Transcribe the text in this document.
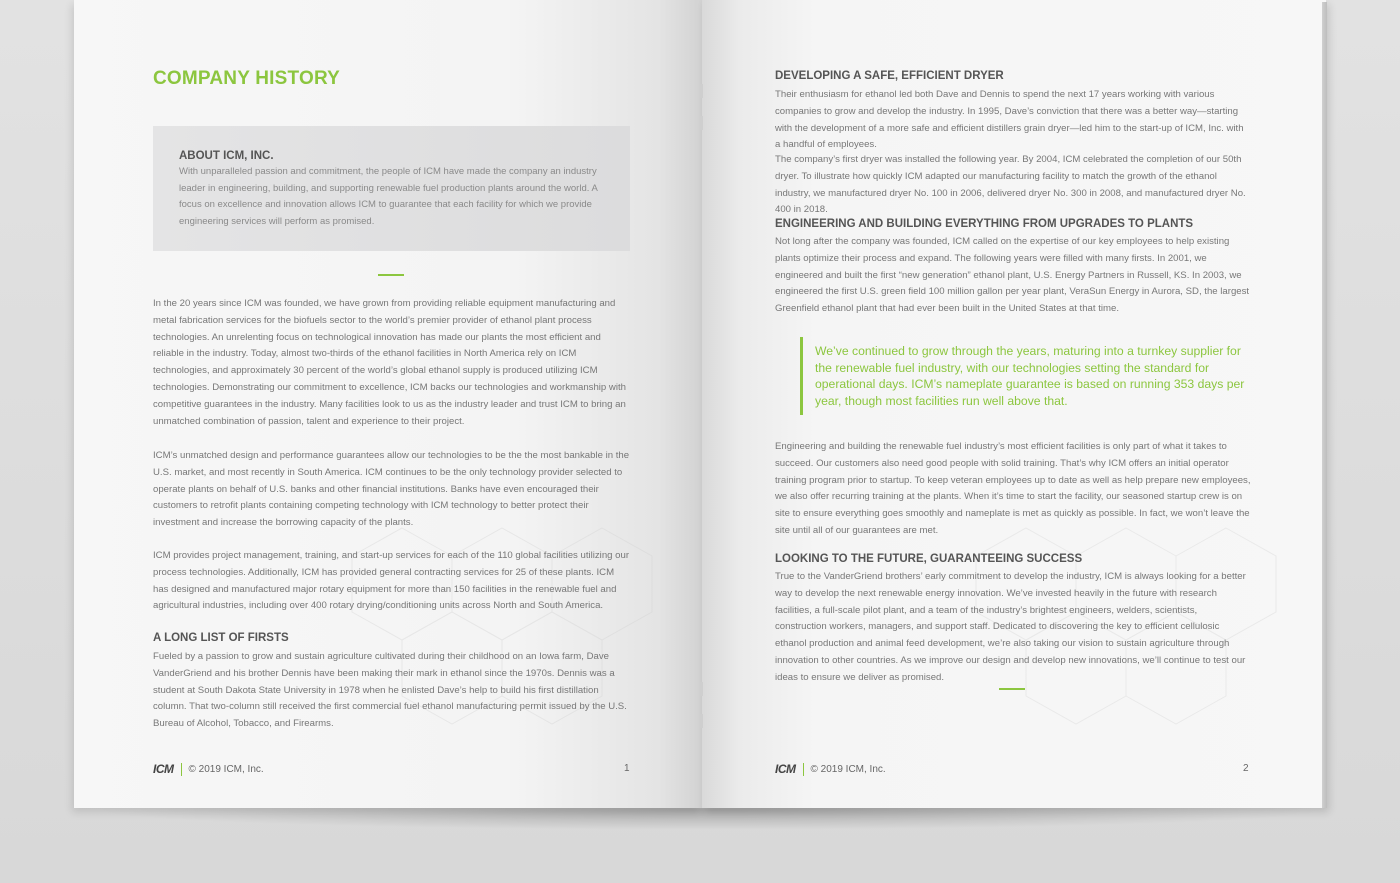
COMPANY HISTORY

ABOUT ICM, INC.

With unparalleled passion and commitment, the people of ICM have made the company an industry leader in engineering, building, and supporting renewable fuel production plants around the world. A focus on excellence and innovation allows ICM to guarantee that each facility for which we provide engineering services will perform as promised.

In the 20 years since ICM was founded, we have grown from providing reliable equipment manufacturing and metal fabrication services for the biofuels sector to the world’s premier provider of ethanol plant process technologies. An unrelenting focus on technological innovation has made our plants the most efficient and reliable in the industry. Today, almost two-thirds of the ethanol facilities in North America rely on ICM technologies, and approximately 30 percent of the world’s global ethanol supply is produced utilizing ICM technologies. Demonstrating our commitment to excellence, ICM backs our technologies and workmanship with competitive guarantees in the industry. Many facilities look to us as the industry leader and trust ICM to bring an unmatched combination of passion, talent and experience to their project.

ICM’s unmatched design and performance guarantees allow our technologies to be the the most bankable in the U.S. market, and most recently in South America. ICM continues to be the only technology provider selected to operate plants on behalf of U.S. banks and other financial institutions. Banks have even encouraged their customers to retrofit plants containing competing technology with ICM technology to better protect their investment and increase the borrowing capacity of the plants.

ICM provides project management, training, and start-up services for each of the 110 global facilities utilizing our process technologies. Additionally, ICM has provided general contracting services for 25 of these plants. ICM has designed and manufactured major rotary equipment for more than 150 facilities in the renewable fuel and agricultural industries, including over 400 rotary drying/conditioning units across North and South America.

A LONG LIST OF FIRSTS

Fueled by a passion to grow and sustain agriculture cultivated during their childhood on an Iowa farm, Dave VanderGriend and his brother Dennis have been making their mark in ethanol since the 1970s. Dennis was a student at South Dakota State University in 1978 when he enlisted Dave’s help to build his first distillation column. That two-column still received the first commercial fuel ethanol manufacturing permit issued by the U.S. Bureau of Alcohol, Tobacco, and Firearms.

ICM © 2019 ICM, Inc.	1

DEVELOPING A SAFE, EFFICIENT DRYER

Their enthusiasm for ethanol led both Dave and Dennis to spend the next 17 years working with various companies to grow and develop the industry. In 1995, Dave’s conviction that there was a better way—starting with the development of a more safe and efficient distillers grain dryer—led him to the start-up of ICM, Inc. with a handful of employees.

The company’s first dryer was installed the following year. By 2004, ICM celebrated the completion of our 50th dryer. To illustrate how quickly ICM adapted our manufacturing facility to match the growth of the ethanol industry, we manufactured dryer No. 100 in 2006, delivered dryer No. 300 in 2008, and manufactured dryer No. 400 in 2018.

ENGINEERING AND BUILDING EVERYTHING FROM UPGRADES TO PLANTS

Not long after the company was founded, ICM called on the expertise of our key employees to help existing plants optimize their process and expand. The following years were filled with many firsts. In 2001, we engineered and built the first “new generation” ethanol plant, U.S. Energy Partners in Russell, KS. In 2003, we engineered the first U.S. green field 100 million gallon per year plant, VeraSun Energy in Aurora, SD, the largest Greenfield ethanol plant that had ever been built in the United States at that time.

We’ve continued to grow through the years, maturing into a turnkey supplier for the renewable fuel industry, with our technologies setting the standard for operational days. ICM’s nameplate guarantee is based on running 353 days per year, though most facilities run well above that.

Engineering and building the renewable fuel industry’s most efficient facilities is only part of what it takes to succeed. Our customers also need good people with solid training. That’s why ICM offers an initial operator training program prior to startup. To keep veteran employees up to date as well as help prepare new employees, we also offer recurring training at the plants. When it’s time to start the facility, our seasoned startup crew is on site to ensure everything goes smoothly and nameplate is met as quickly as possible. In fact, we won’t leave the site until all of our guarantees are met.

LOOKING TO THE FUTURE, GUARANTEEING SUCCESS

True to the VanderGriend brothers’ early commitment to develop the industry, ICM is always looking for a better way to develop the next renewable energy innovation. We’ve invested heavily in the future with research facilities, a full-scale pilot plant, and a team of the industry’s brightest engineers, welders, scientists, construction workers, managers, and support staff. Dedicated to discovering the key to efficient cellulosic ethanol production and animal feed development, we’re also taking our vision to sustain agriculture through innovation to other countries. As we improve our design and develop new innovations, we’ll continue to test our ideas to ensure we deliver as promised.

ICM © 2019 ICM, Inc.	2
